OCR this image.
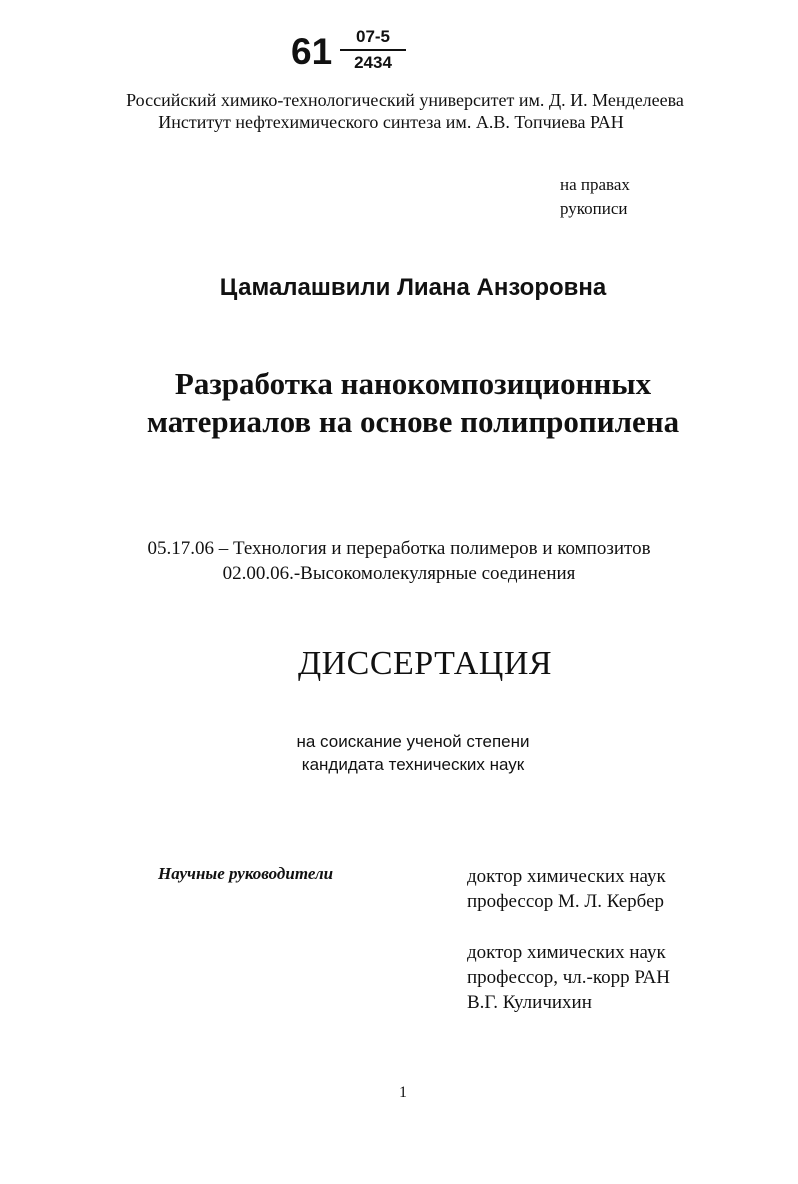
61	07-5
2434
Российский химико-технологический университет им. Д. И. Менделеева
Институт нефтехимического синтеза им. А.В. Топчиева РАН
на правах
рукописи
Цамалашвили Лиана Анзоровна
Разработка нанокомпозиционных
материалов на основе полипропилена
05.17.06 – Технология и переработка полимеров и композитов
02.00.06.-Высокомолекулярные соединения
ДИССЕРТАЦИЯ
на соискание ученой степени
кандидата технических наук
Научные руководители	доктор химических наук
профессор М. Л. Кербер
доктор химических наук
профессор, чл.-корр РАН
В.Г. Куличихин
1
